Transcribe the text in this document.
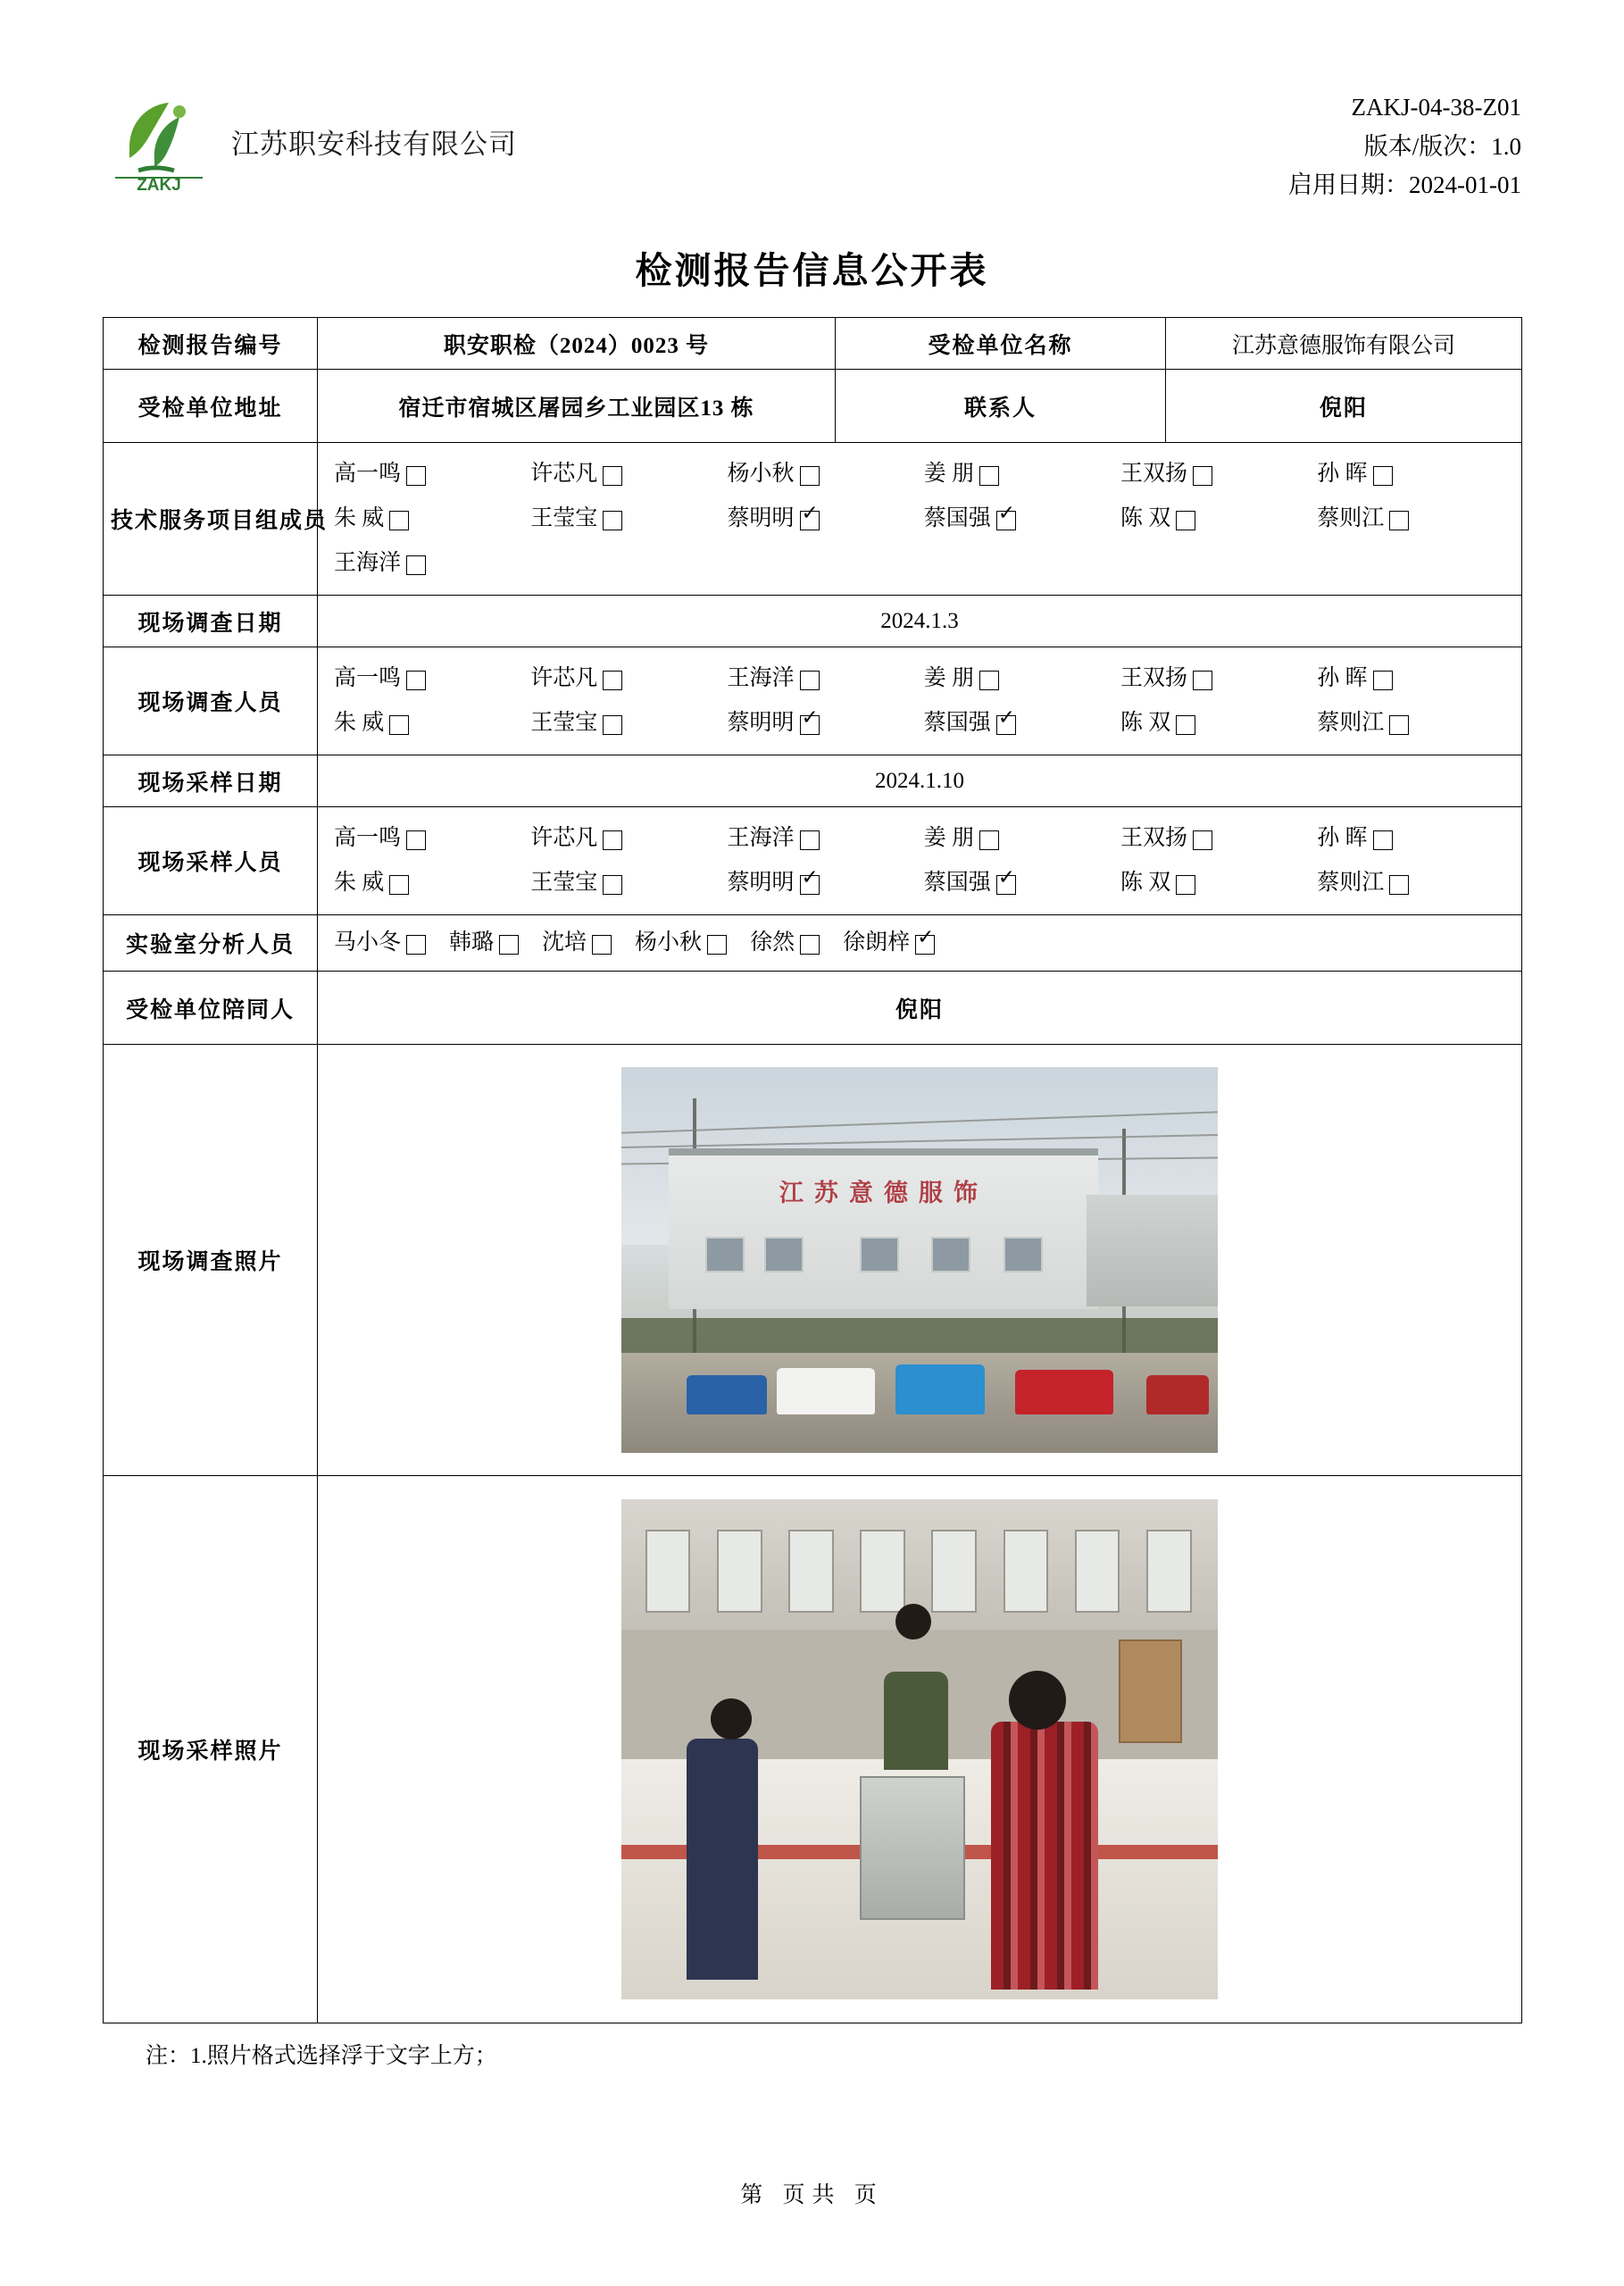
ZAKJ
江苏职安科技有限公司
ZAKJ-04-38-Z01
版本/版次：1.0
启用日期：2024-01-01
检测报告信息公开表
检测报告编号	职安职检（2024）0023 号	受检单位名称	江苏意德服饰有限公司
受检单位地址	宿迁市宿城区屠园乡工业园区13 栋	联系人	倪阳
技术服务项目组成员	
高一鸣	许芯凡	杨小秋	姜 朋	王双扬	孙 晖
朱 威	王莹宝	蔡明明 ✓	蔡国强 ✓	陈 双	蔡则江
王海洋

现场调查日期	2024.1.3		
现场调查人员	
高一鸣	许芯凡	王海洋	姜 朋	王双扬	孙 晖
朱 威	王莹宝	蔡明明 ✓	蔡国强 ✓	陈 双	蔡则江

现场采样日期	2024.1.10		
现场采样人员	
高一鸣	许芯凡	王海洋	姜 朋	王双扬	孙 晖
朱 威	王莹宝	蔡明明 ✓	蔡国强 ✓	陈 双	蔡则江

实验室分析人员	马小冬 韩璐 沈培 杨小秋 徐然 徐朗梓
✓

受检单位陪同人	倪阳		
现场调查照片	江苏意德服饰		

现场采样照片			
注：1.照片格式选择浮于文字上方；
第 页共 页
